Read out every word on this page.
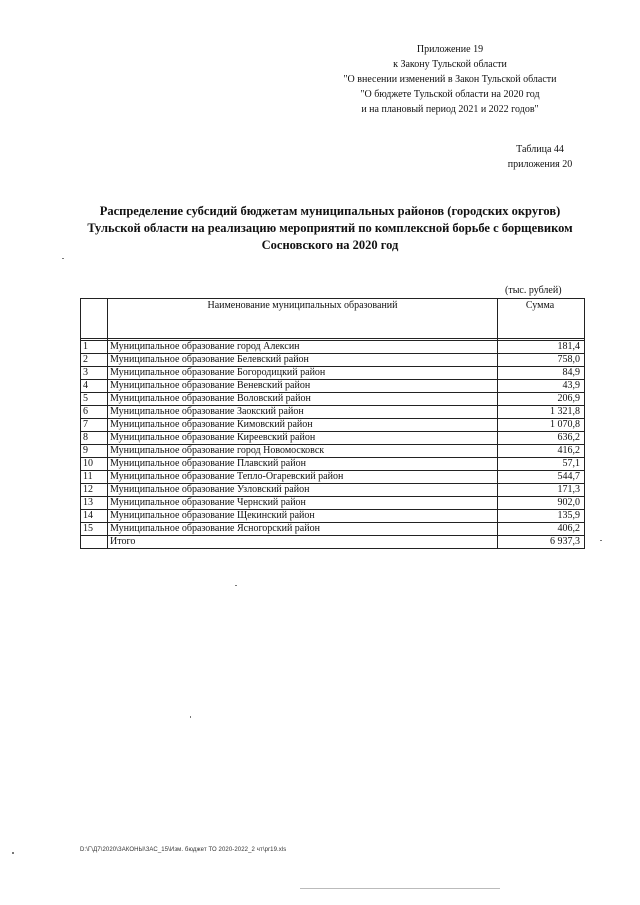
Приложение 19
к Закону Тульской области
"О внесении изменений в Закон Тульской области
"О бюджете Тульской области на 2020 год
и на плановый период 2021 и 2022 годов"
Таблица 44
приложения 20
Распределение субсидий бюджетам муниципальных районов (городских округов)
Тульской области на реализацию мероприятий по комплексной борьбе с борщевиком
Сосновского на 2020 год
(тыс. рублей)
	Наименование муниципальных образований	Сумма

1	Муниципальное образование город Алексин	181,4
2	Муниципальное образование Белевский район	758,0
3	Муниципальное образование Богородицкий район	84,9
4	Муниципальное образование Веневский район	43,9
5	Муниципальное образование Воловский район	206,9
6	Муниципальное образование Заокский район	1 321,8
7	Муниципальное образование Кимовский район	1 070,8
8	Муниципальное образование Киреевский район	636,2
9	Муниципальное образование город Новомосковск	416,2
10	Муниципальное образование Плавский район	57,1
11	Муниципальное образование Тепло-Огаревский район	544,7
12	Муниципальное образование Узловский район	171,3
13	Муниципальное образование Чернский район	902,0
14	Муниципальное образование Щекинский район	135,9
15	Муниципальное образование Ясногорский район	406,2
	Итого	6 937,3
D:\Г\Д7\2020\ЗАКОНЫ\ЗАС_15\Изм. бюджет ТО 2020-2022_2 чт\pr19.xls
